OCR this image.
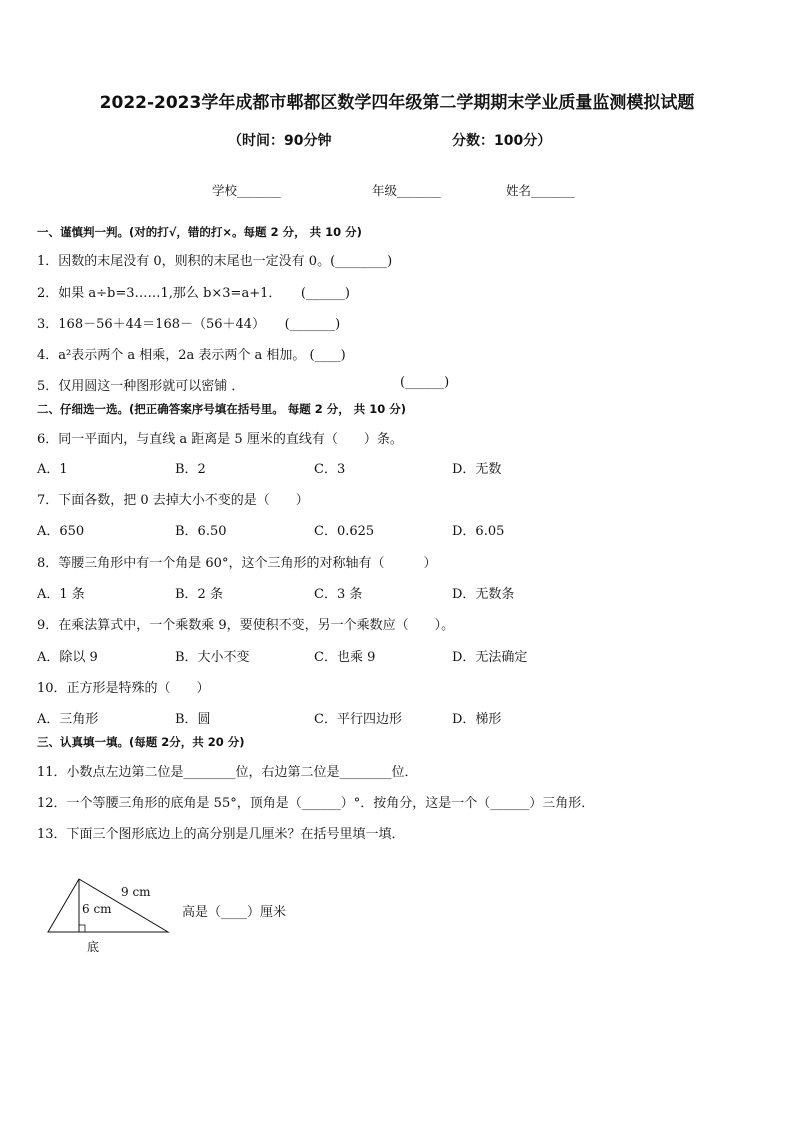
2022-2023学年成都市郫都区数学四年级第二学期期末学业质量监测模拟试题
（时间：90分钟	分数：100分）
学校_______	年级_______	姓名_______
一、谨慎判一判。(对的打√，错的打×。每题 2 分， 共 10 分)
1．因数的末尾没有 0，则积的末尾也一定没有 0。(________)
2．如果 a÷b=3……1,那么 b×3=a+1．　　(______)
3．168－56＋44＝168－（56＋44）　　(_______)
4．a²表示两个 a 相乘，2a 表示两个 a 相加。 (____)
5．仅用圆这一种图形就可以密铺 ．	(______)
二、仔细选一选。(把正确答案序号填在括号里。 每题 2 分， 共 10 分)
6．同一平面内，与直线 a 距离是 5 厘米的直线有（　　）条。
A．1	B．2	C．3	D．无数
7．下面各数，把 0 去掉大小不变的是（　　）
A．650	B．6.50	C．0.625	D．6.05
8．等腰三角形中有一个角是 60°，这个三角形的对称轴有（　　　）
A．1 条	B．2 条	C．3 条	D．无数条
9．在乘法算式中，一个乘数乘 9，要使积不变，另一个乘数应（　　）。
A．除以 9	B．大小不变	C．也乘 9	D．无法确定
10．正方形是特殊的（　　）
A．三角形	B．圆	C．平行四边形	D．梯形
三、认真填一填。(每题 2分，共 20 分)
11．小数点左边第二位是________位，右边第二位是________位．
12．一个等腰三角形的底角是 55°，顶角是（______）°．按角分，这是一个（______）三角形．
13．下面三个图形底边上的高分别是几厘米？在括号里填一填．
9 cm
6 cm
底
高是（____）厘米
